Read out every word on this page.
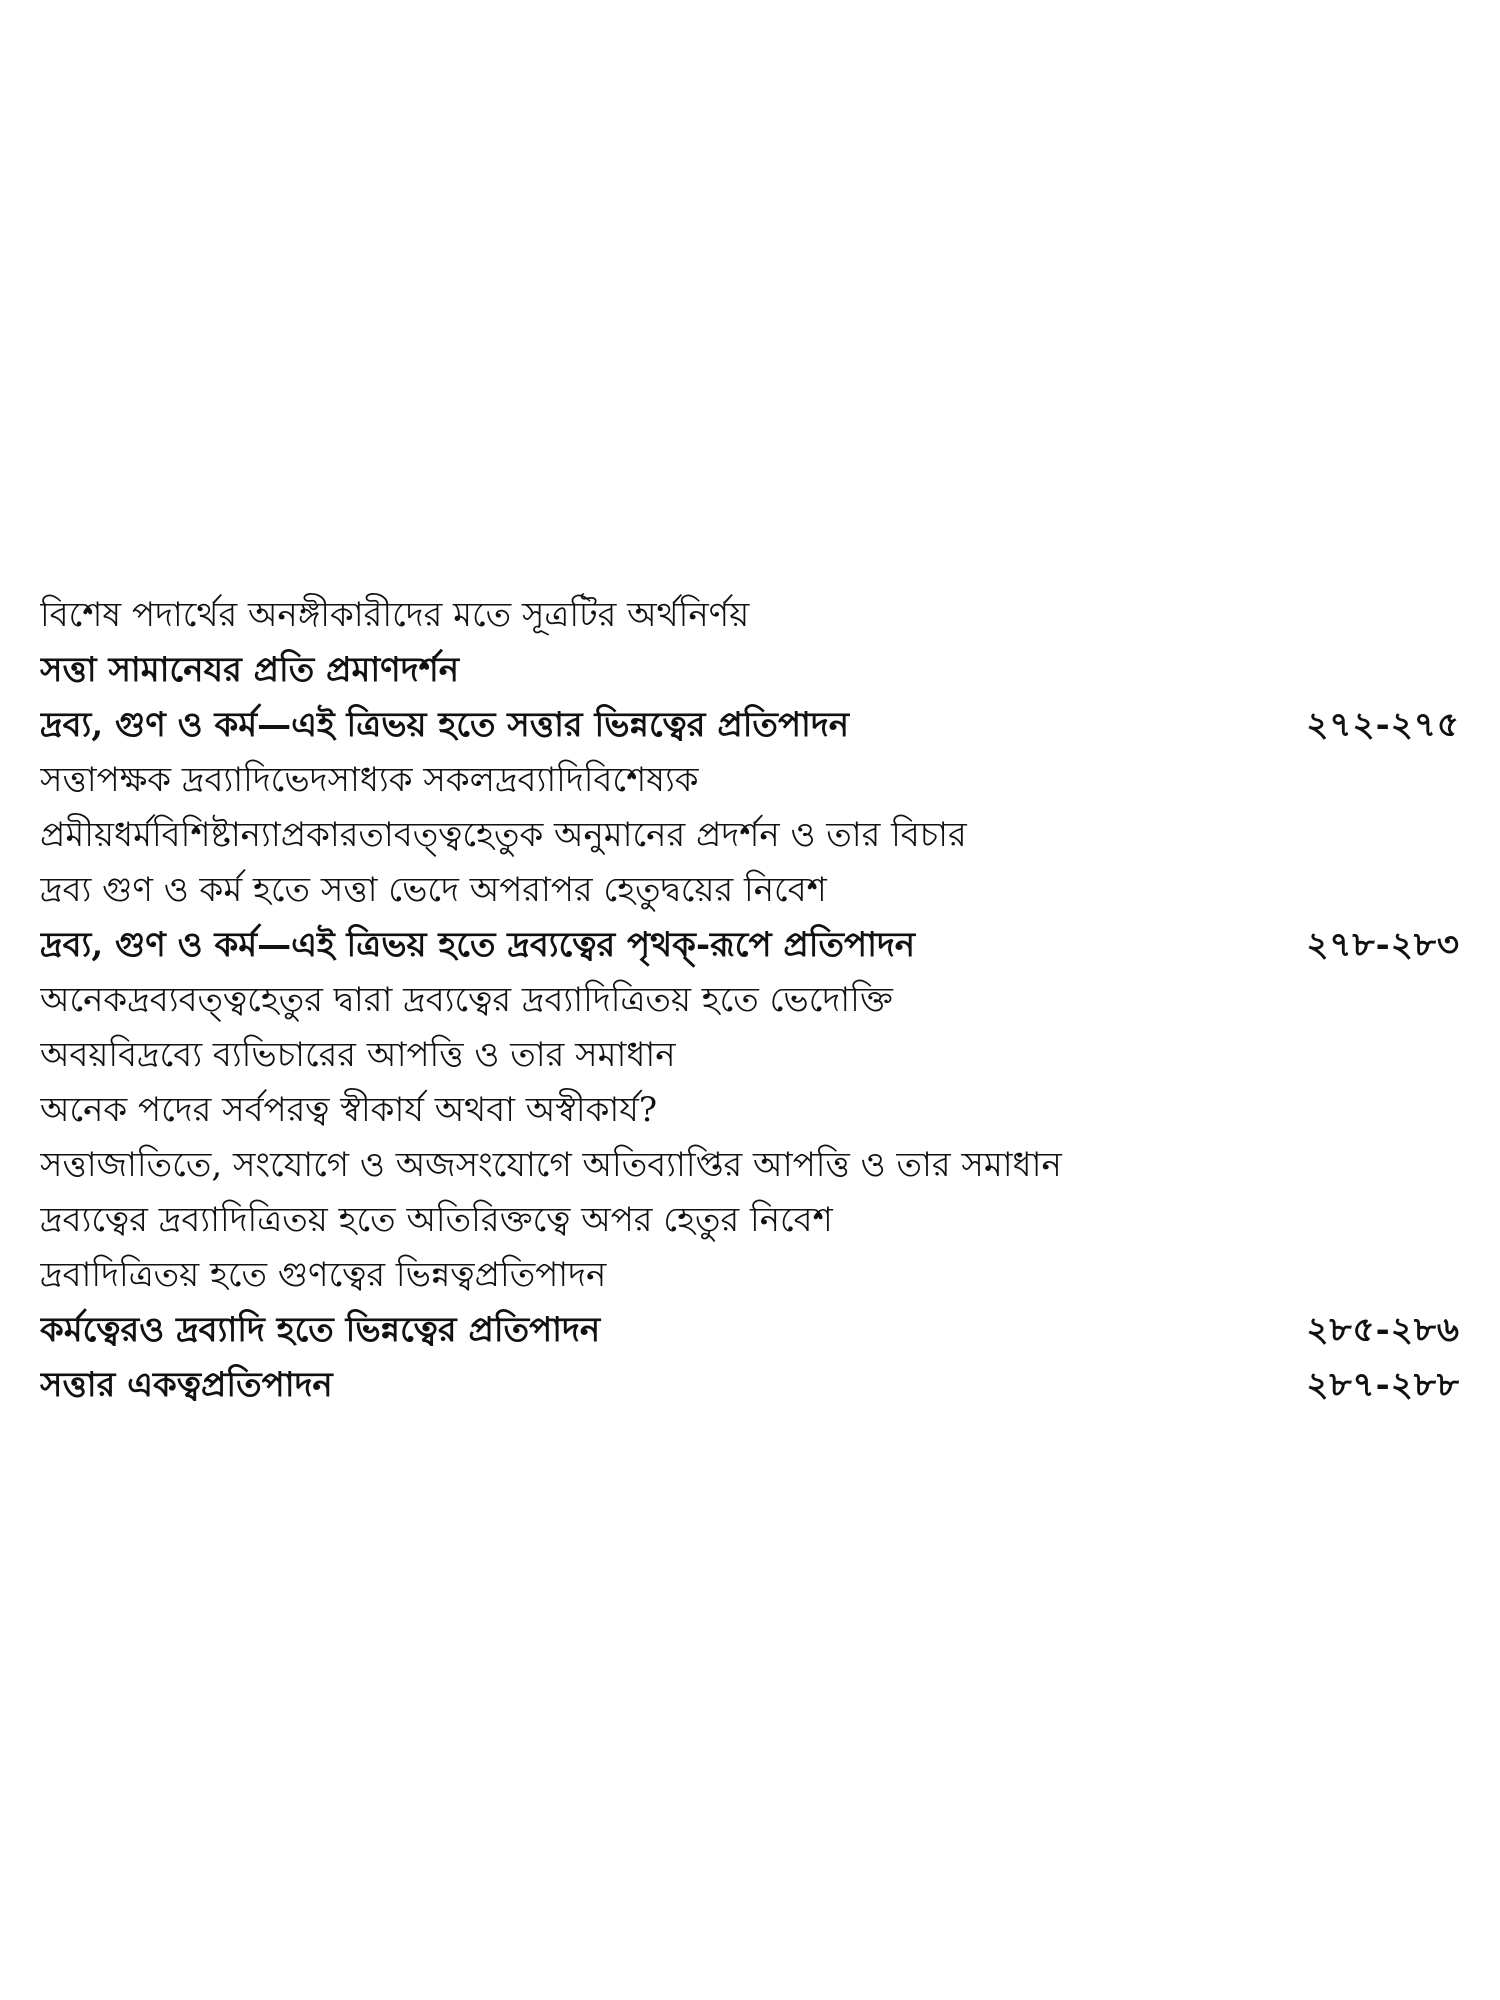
বিশেষ পদার্থের অনঙ্গীকারীদের মতে সূত্রটির অর্থনির্ণয়
সত্তা সামানেযর প্রতি প্রমাণদর্শন
দ্রব্য, গুণ ও কর্ম—এই ত্রিভয় হতে সত্তার ভিন্নত্বের প্রতিপাদন	২৭২-২৭৫
সত্তাপক্ষক দ্রব্যাদিভেদসাধ্যক সকলদ্রব্যাদিবিশেষ্যক
প্রমীয়ধর্মবিশিষ্টান্যাপ্রকারতাবত্ত্বহেতুক অনুমানের প্রদর্শন ও তার বিচার
দ্রব্য গুণ ও কর্ম হতে সত্তা ভেদে অপরাপর হেতুদ্বয়ের নিবেশ
দ্রব্য, গুণ ও কর্ম—এই ত্রিভয় হতে দ্রব্যত্বের পৃথক্-রূপে প্রতিপাদন	২৭৮-২৮৩
অনেকদ্রব্যবত্ত্বহেতুর দ্বারা দ্রব্যত্বের দ্রব্যাদিত্রিতয় হতে ভেদোক্তি
অবয়বিদ্রব্যে ব্যভিচারের আপত্তি ও তার সমাধান
অনেক পদের সর্বপরত্ব স্বীকার্য অথবা অস্বীকার্য?
সত্তাজাতিতে, সংযোগে ও অজসংযোগে অতিব্যাপ্তির আপত্তি ও তার সমাধান
দ্রব্যত্বের দ্রব্যাদিত্রিতয় হতে অতিরিক্তত্বে অপর হেতুর নিবেশ
দ্রবাদিত্রিতয় হতে গুণত্বের ভিন্নত্বপ্রতিপাদন
কর্মত্বেরও দ্রব্যাদি হতে ভিন্নত্বের প্রতিপাদন	২৮৫-২৮৬
সত্তার একত্বপ্রতিপাদন	২৮৭-২৮৮
